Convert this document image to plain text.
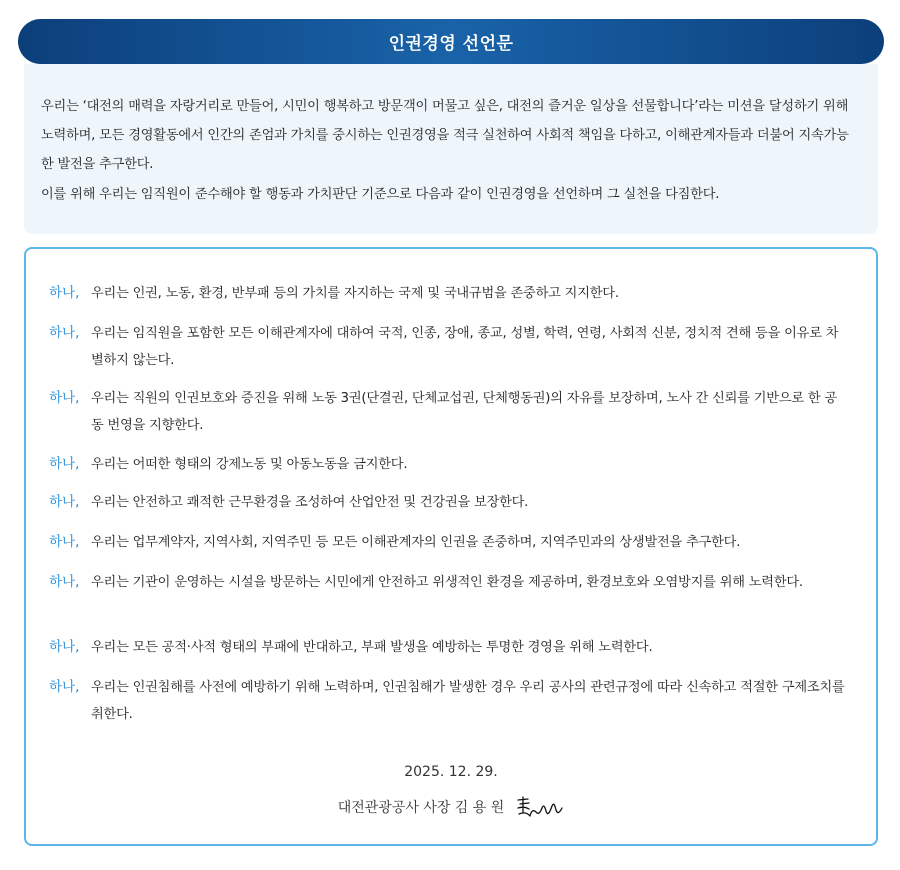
인권경영 선언문

우리는 ‘대전의 매력을 자랑거리로 만들어, 시민이 행복하고 방문객이 머물고 싶은, 대전의 즐거운 일상을 선물합니다’라는 미션을 달성하기 위해 노력하며, 모든 경영활동에서 인간의 존엄과 가치를 중시하는 인권경영을 적극 실천하여 사회적 책임을 다하고, 이해관계자들과 더불어 지속가능한 발전을 추구한다.

이를 위해 우리는 임직원이 준수해야 할 행동과 가치판단 기준으로 다음과 같이 인권경영을 선언하며 그 실천을 다짐한다.

하나, 우리는 인권, 노동, 환경, 반부패 등의 가치를 자지하는 국제 및 국내규범을 존중하고 지지한다.
하나, 우리는 임직원을 포함한 모든 이해관계자에 대하여 국적, 인종, 장애, 종교, 성별, 학력, 연령, 사회적 신분, 정치적 견해 등을 이유로 차별하지 않는다.
하나, 우리는 직원의 인권보호와 증진을 위해 노동 3권(단결권, 단체교섭권, 단체행동권)의 자유를 보장하며, 노사 간 신뢰를 기반으로 한 공동 번영을 지향한다.
하나, 우리는 어떠한 형태의 강제노동 및 아동노동을 금지한다.
하나, 우리는 안전하고 쾌적한 근무환경을 조성하여 산업안전 및 건강권을 보장한다.
하나, 우리는 업무계약자, 지역사회, 지역주민 등 모든 이해관계자의 인권을 존중하며, 지역주민과의 상생발전을 추구한다.
하나, 우리는 기관이 운영하는 시설을 방문하는 시민에게 안전하고 위생적인 환경을 제공하며, 환경보호와 오염방지를 위해 노력한다.
하나, 우리는 모든 공적·사적 형태의 부패에 반대하고, 부패 발생을 예방하는 투명한 경영을 위해 노력한다.
하나, 우리는 인권침해를 사전에 예방하기 위해 노력하며, 인권침해가 발생한 경우 우리 공사의 관련규정에 따라 신속하고 적절한 구제조치를 취한다.
2025. 12. 29.
대전관광공사 사장 김 용 원
